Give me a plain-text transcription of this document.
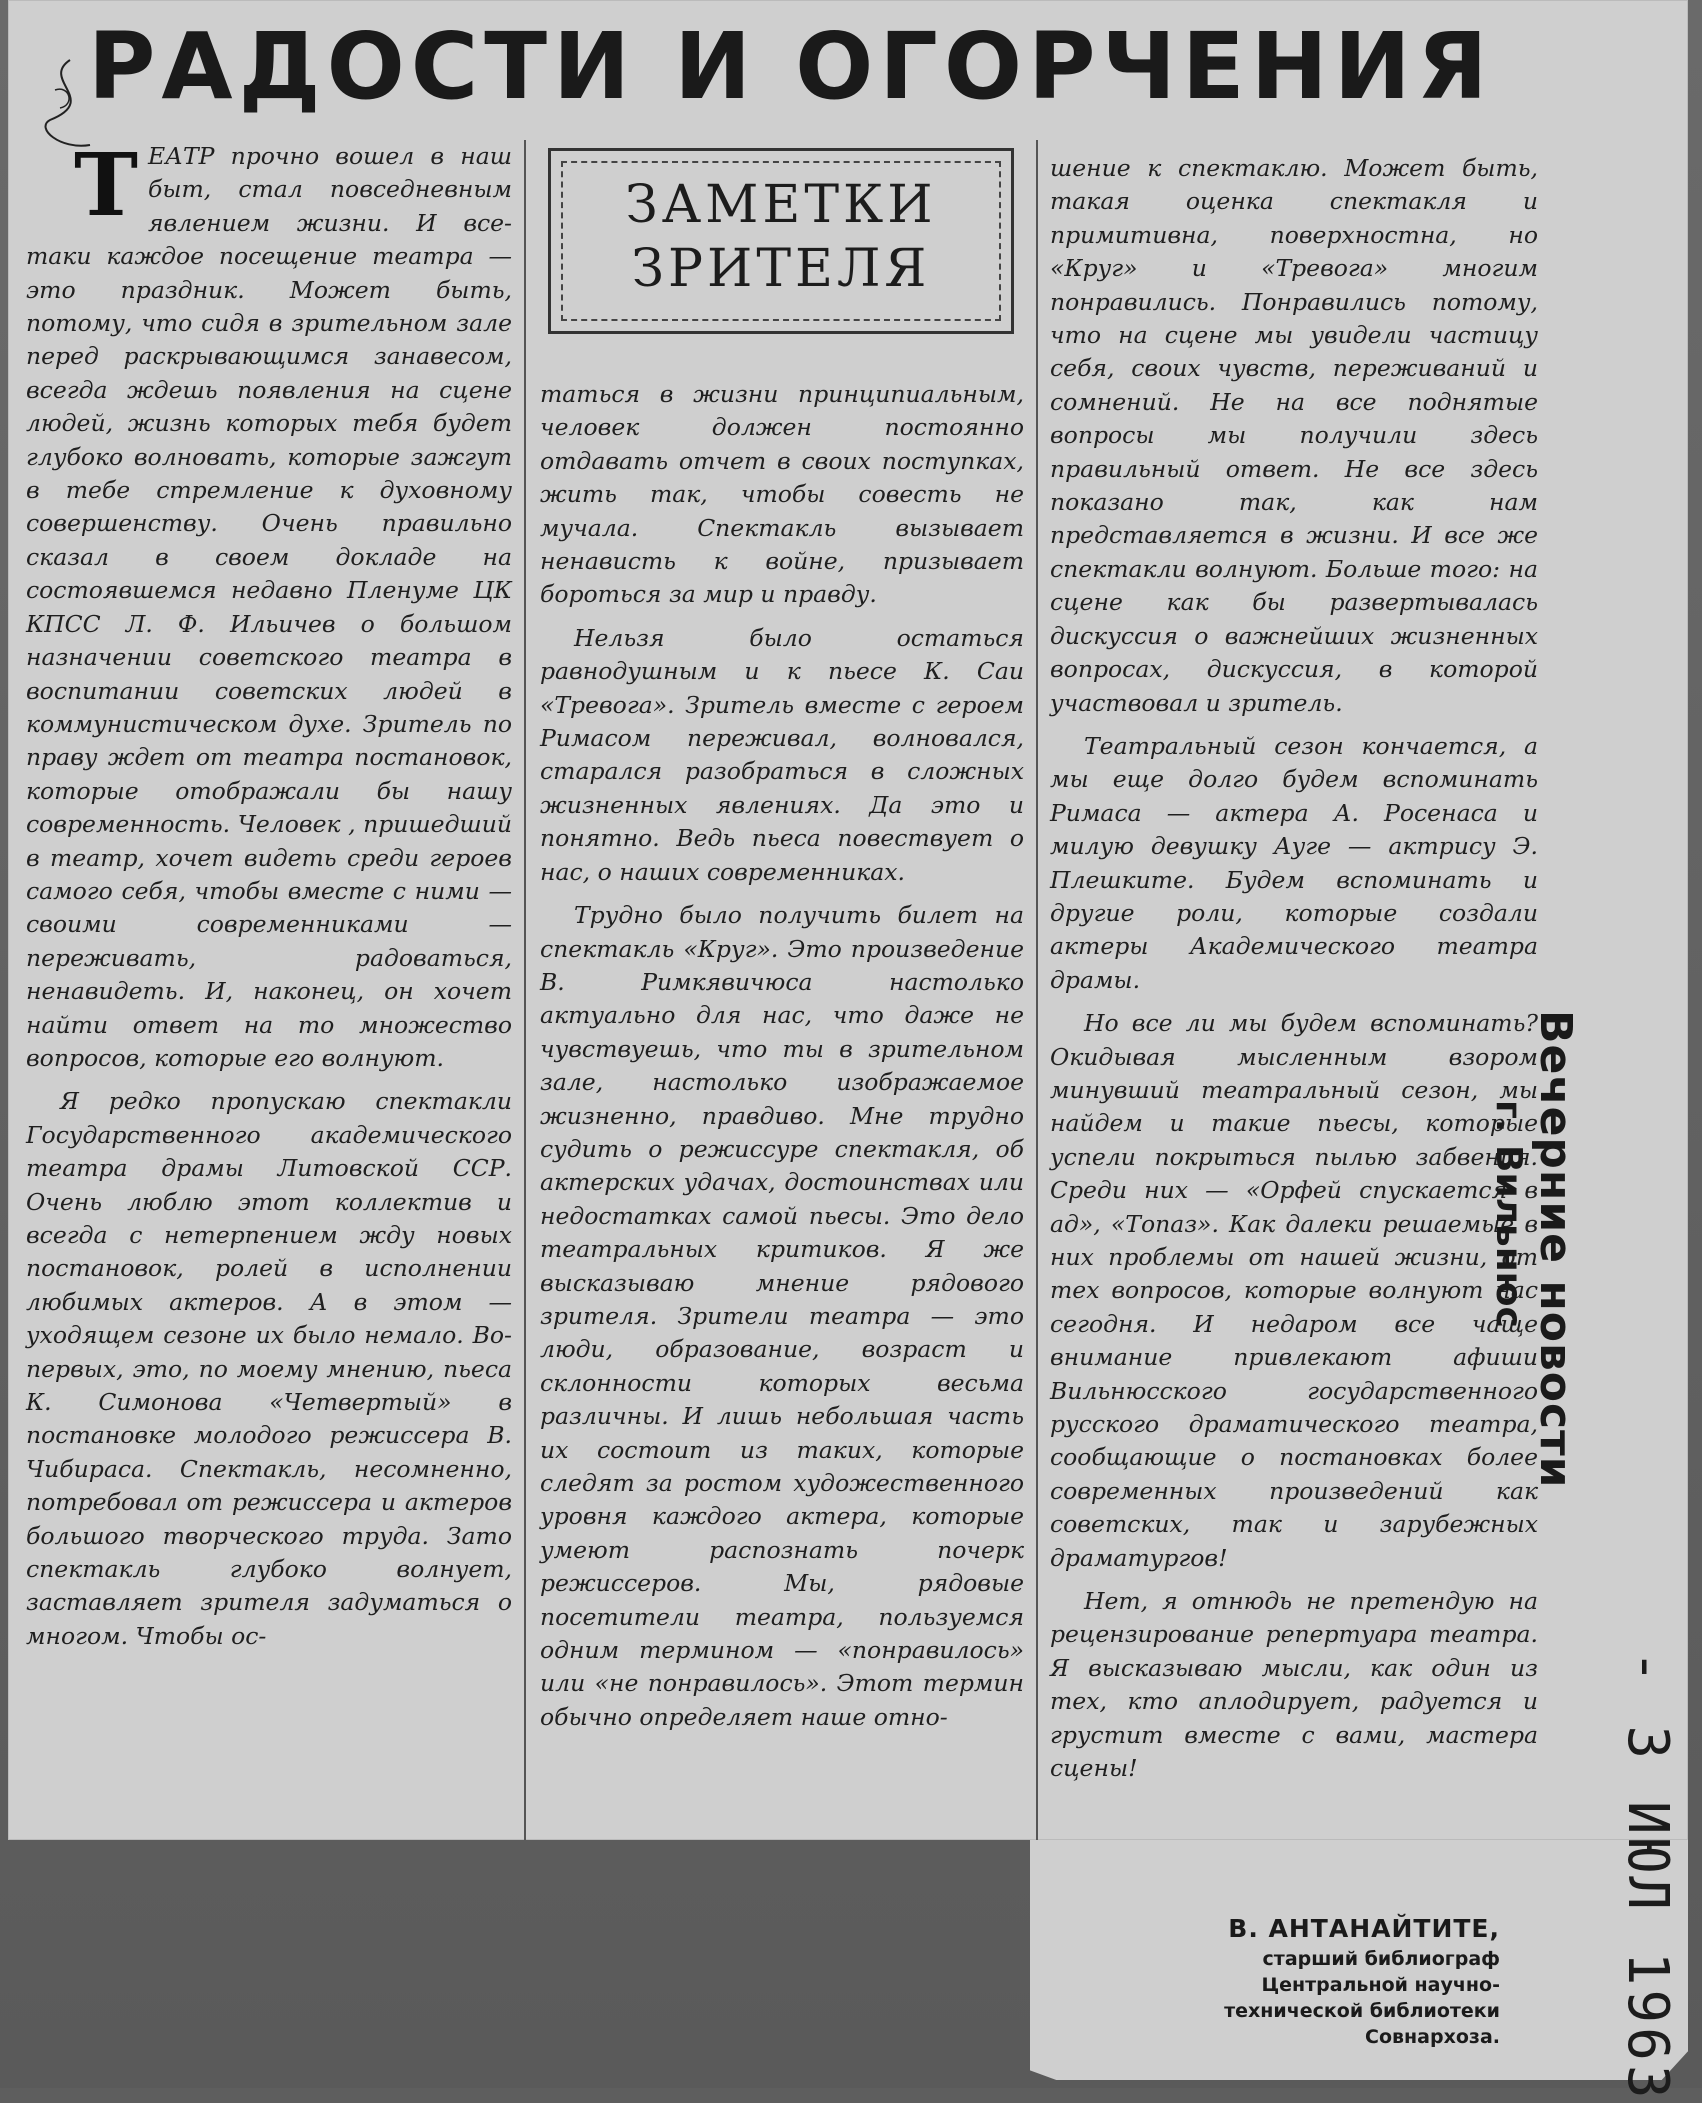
РАДОСТИ И ОГОРЧЕНИЯ
ЗАМЕТКИ
ЗРИТЕЛЯ
Т ЕАТР прочно вошел в наш быт, стал повседневным явлением жизни. И все-таки каждое посещение театра — это праздник. Может быть, потому, что сидя в зрительном зале перед раскрывающимся занавесом, всегда ждешь появления на сцене людей, жизнь которых тебя будет глубоко волновать, которые зажгут в тебе стремление к духовному совершенству. Очень правильно сказал в своем докладе на состоявшемся недавно Пленуме ЦК КПСС Л. Ф. Ильичев о большом назначении советского театра в воспитании советских людей в коммунистическом духе. Зритель по праву ждет от театра постановок, которые отображали бы нашу современность. Человек , пришедший в театр, хочет видеть среди героев самого себя, чтобы вместе с ними — своими современниками — переживать, радоваться, ненавидеть. И, наконец, он хочет найти ответ на то множество вопросов, которые его волнуют.

Я редко пропускаю спектакли Государственного академического театра драмы Литовской ССР. Очень люблю этот коллектив и всегда с нетерпением жду новых постановок, ролей в исполнении любимых актеров. А в этом — уходящем сезоне их было немало. Во-первых, это, по моему мнению, пьеса К. Симонова «Четвертый» в постановке молодого режиссера В. Чибираса. Спектакль, несомненно, потребовал от режиссера и актеров большого творческого труда. Зато спектакль глубоко волнует, заставляет зрителя задуматься о многом. Чтобы ос-

таться в жизни принципиальным, человек должен постоянно отдавать отчет в своих поступках, жить так, чтобы совесть не мучала. Спектакль вызывает ненависть к войне, призывает бороться за мир и правду.

Нельзя было остаться равнодушным и к пьесе К. Саи «Тревога». Зритель вместе с героем Римасом переживал, волновался, старался разобраться в сложных жизненных явлениях. Да это и понятно. Ведь пьеса повествует о нас, о наших современниках.

Трудно было получить билет на спектакль «Круг». Это произведение В. Римкявичюса настолько актуально для нас, что даже не чувствуешь, что ты в зрительном зале, настолько изображаемое жизненно, правдиво. Мне трудно судить о режиссуре спектакля, об актерских удачах, достоинствах или недостатках самой пьесы. Это дело театральных критиков. Я же высказываю мнение рядового зрителя. Зрители театра — это люди, образование, возраст и склонности которых весьма различны. И лишь небольшая часть их состоит из таких, которые следят за ростом художественного уровня каждого актера, которые умеют распознать почерк режиссеров. Мы, рядовые посетители театра, пользуемся одним термином — «понравилось» или «не понравилось». Этот термин обычно определяет наше отно-

шение к спектаклю. Может быть, такая оценка спектакля и примитивна, поверхностна, но «Круг» и «Тревога» многим понравились. Понравились потому, что на сцене мы увидели частицу себя, своих чувств, переживаний и сомнений. Не на все поднятые вопросы мы получили здесь правильный ответ. Не все здесь показано так, как нам представляется в жизни. И все же спектакли волнуют. Больше того: на сцене как бы развертывалась дискуссия о важнейших жизненных вопросах, дискуссия, в которой участвовал и зритель.

Театральный сезон кончается, а мы еще долго будем вспоминать Римаса — актера А. Росенаса и милую девушку Ауге — актрису Э. Плешките. Будем вспоминать и другие роли, которые создали актеры Академического театра драмы.

Но все ли мы будем вспоминать? Окидывая мысленным взором минувший театральный сезон, мы найдем и такие пьесы, которые успели покрыться пылью забвения. Среди них — «Орфей спускается в ад», «Топаз». Как далеки решаемые в них проблемы от нашей жизни, от тех вопросов, которые волнуют нас сегодня. И недаром все чаще внимание привлекают афиши Вильнюсского государственного русского драматического театра, сообщающие о постановках более современных произведений как советских, так и зарубежных драматургов!

Нет, я отнюдь не претендую на рецензирование репертуара театра. Я высказываю мысли, как один из тех, кто аплодирует, радуется и грустит вместе с вами, мастера сцены!

В. АНТАНАЙТИТЕ,
старший библиограф
Центральной научно-
технической библиотеки
Совнархоза.
Вечерние новости
г. Вильнюс
- 3 ИЮЛ 1963
